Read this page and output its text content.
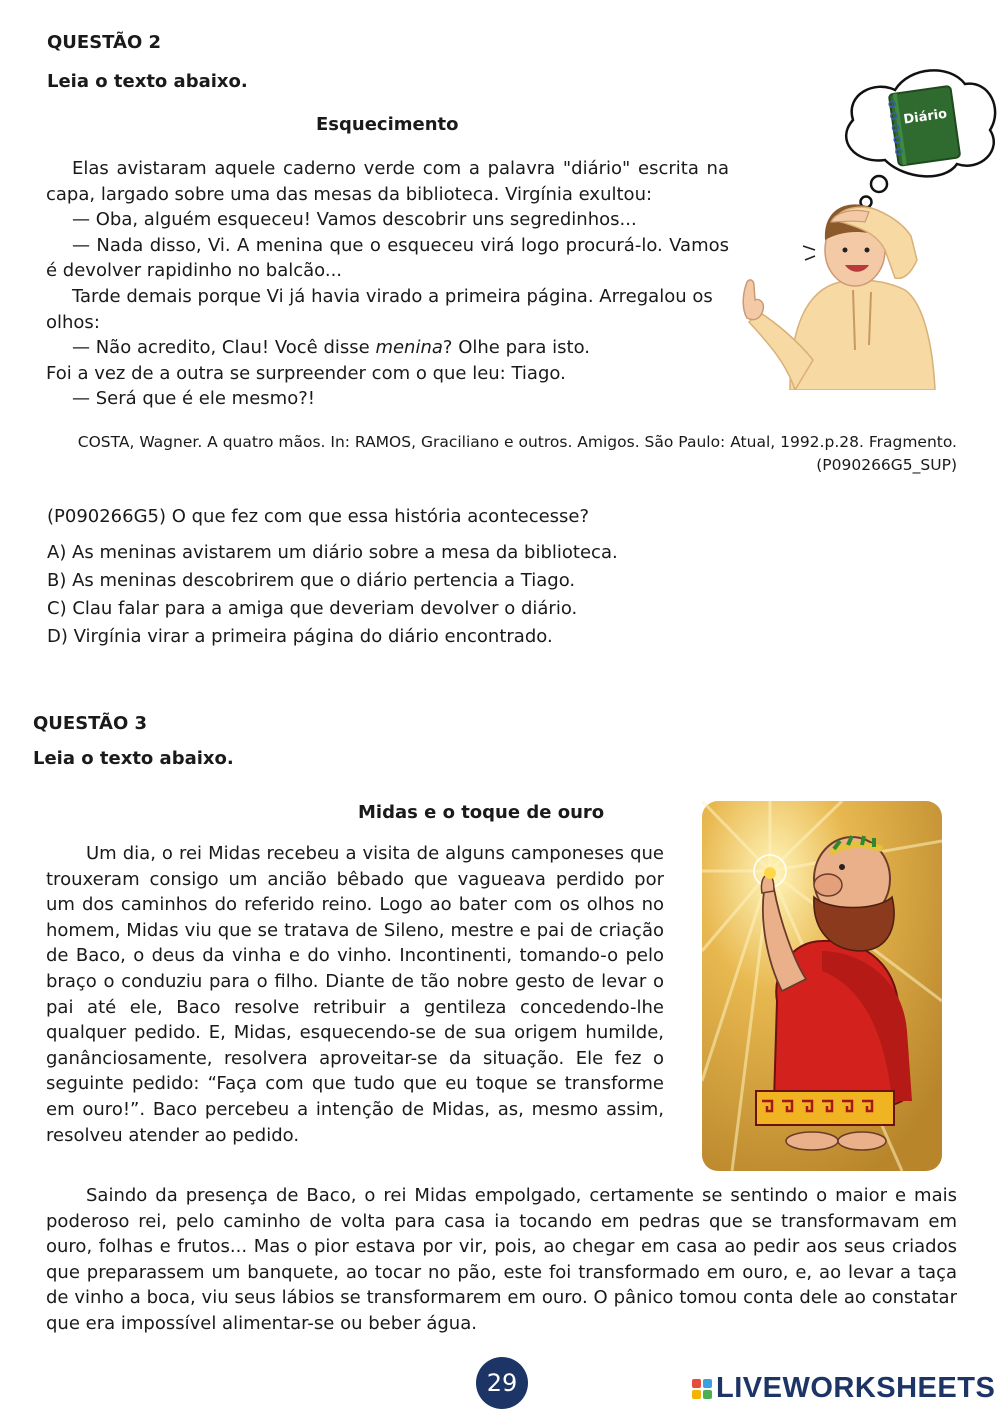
QUESTÃO 2
Leia o texto abaixo.
Esquecimento

Elas avistaram aquele caderno verde com a palavra "diário" escrita na capa, largado sobre uma das mesas da biblioteca. Virgínia exultou:

— Oba, alguém esqueceu! Vamos descobrir uns segredinhos...

— Nada disso, Vi. A menina que o esqueceu virá logo procurá-lo. Vamos é devolver rapidinho no balcão...

Tarde demais porque Vi já havia virado a primeira página. Arregalou os olhos:

— Não acredito, Clau! Você disse menina? Olhe para isto.

Foi a vez de a outra se surpreender com o que leu: Tiago.

— Será que é ele mesmo?!

Diário
COSTA, Wagner. A quatro mãos. In: RAMOS, Graciliano e outros. Amigos. São Paulo: Atual, 1992.p.28. Fragmento.
(P090266G5_SUP)
(P090266G5) O que fez com que essa história acontecesse?
A) As meninas avistarem um diário sobre a mesa da biblioteca.
B) As meninas descobrirem que o diário pertencia a Tiago.
C) Clau falar para a amiga que deveriam devolver o diário.
D) Virgínia virar a primeira página do diário encontrado.
QUESTÃO 3
Leia o texto abaixo.
Midas e o toque de ouro

Um dia, o rei Midas recebeu a visita de alguns camponeses que trouxeram consigo um ancião bêbado que vagueava perdido por um dos caminhos do referido reino. Logo ao bater com os olhos no homem, Midas viu que se tratava de Sileno, mestre e pai de criação de Baco, o deus da vinha e do vinho. Incontinenti, tomando-o pelo braço o conduziu para o filho. Diante de tão nobre gesto de levar o pai até ele, Baco resolve retribuir a gentileza concedendo-lhe qualquer pedido. E, Midas, esquecendo-se de sua origem humilde, ganânciosamente, resolvera aproveitar-se da situação. Ele fez o seguinte pedido: “Faça com que tudo que eu toque se transforme em ouro!”. Baco percebeu a intenção de Midas, as, mesmo assim, resolveu atender ao pedido.

Saindo da presença de Baco, o rei Midas empolgado, certamente se sentindo o maior e mais poderoso rei, pelo caminho de volta para casa ia tocando em pedras que se transformavam em ouro, folhas e frutos... Mas o pior estava por vir, pois, ao chegar em casa ao pedir aos seus criados que preparassem um banquete, ao tocar no pão, este foi transformado em ouro, e, ao levar a taça de vinho a boca, viu seus lábios se transformarem em ouro. O pânico tomou conta dele ao constatar que era impossível alimentar-se ou beber água.

29	LIVEWORKSHEETS
